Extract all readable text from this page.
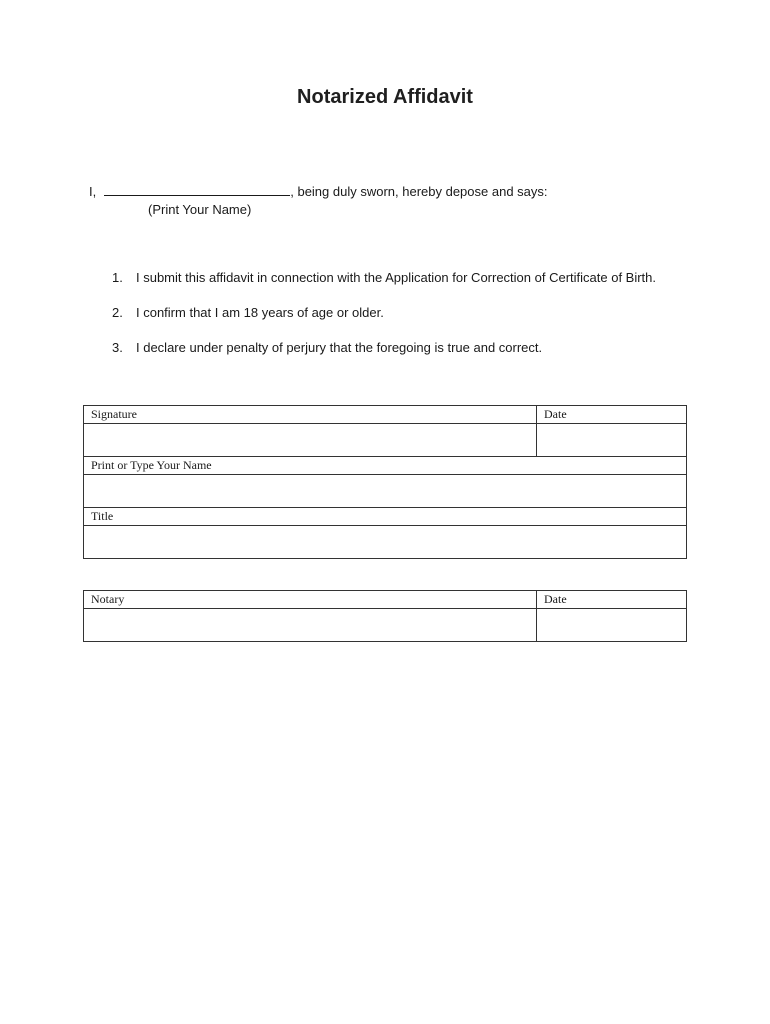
Notarized Affidavit
I,	, being duly sworn, hereby depose and says:
(Print Your Name)
1.	I submit this affidavit in connection with the Application for Correction of Certificate of Birth.
2.	I confirm that I am 18 years of age or older.
3.	I declare under penalty of perjury that the foregoing is true and correct.
Signature	Date

Print or Type Your Name	

Title	

Notary	Date
